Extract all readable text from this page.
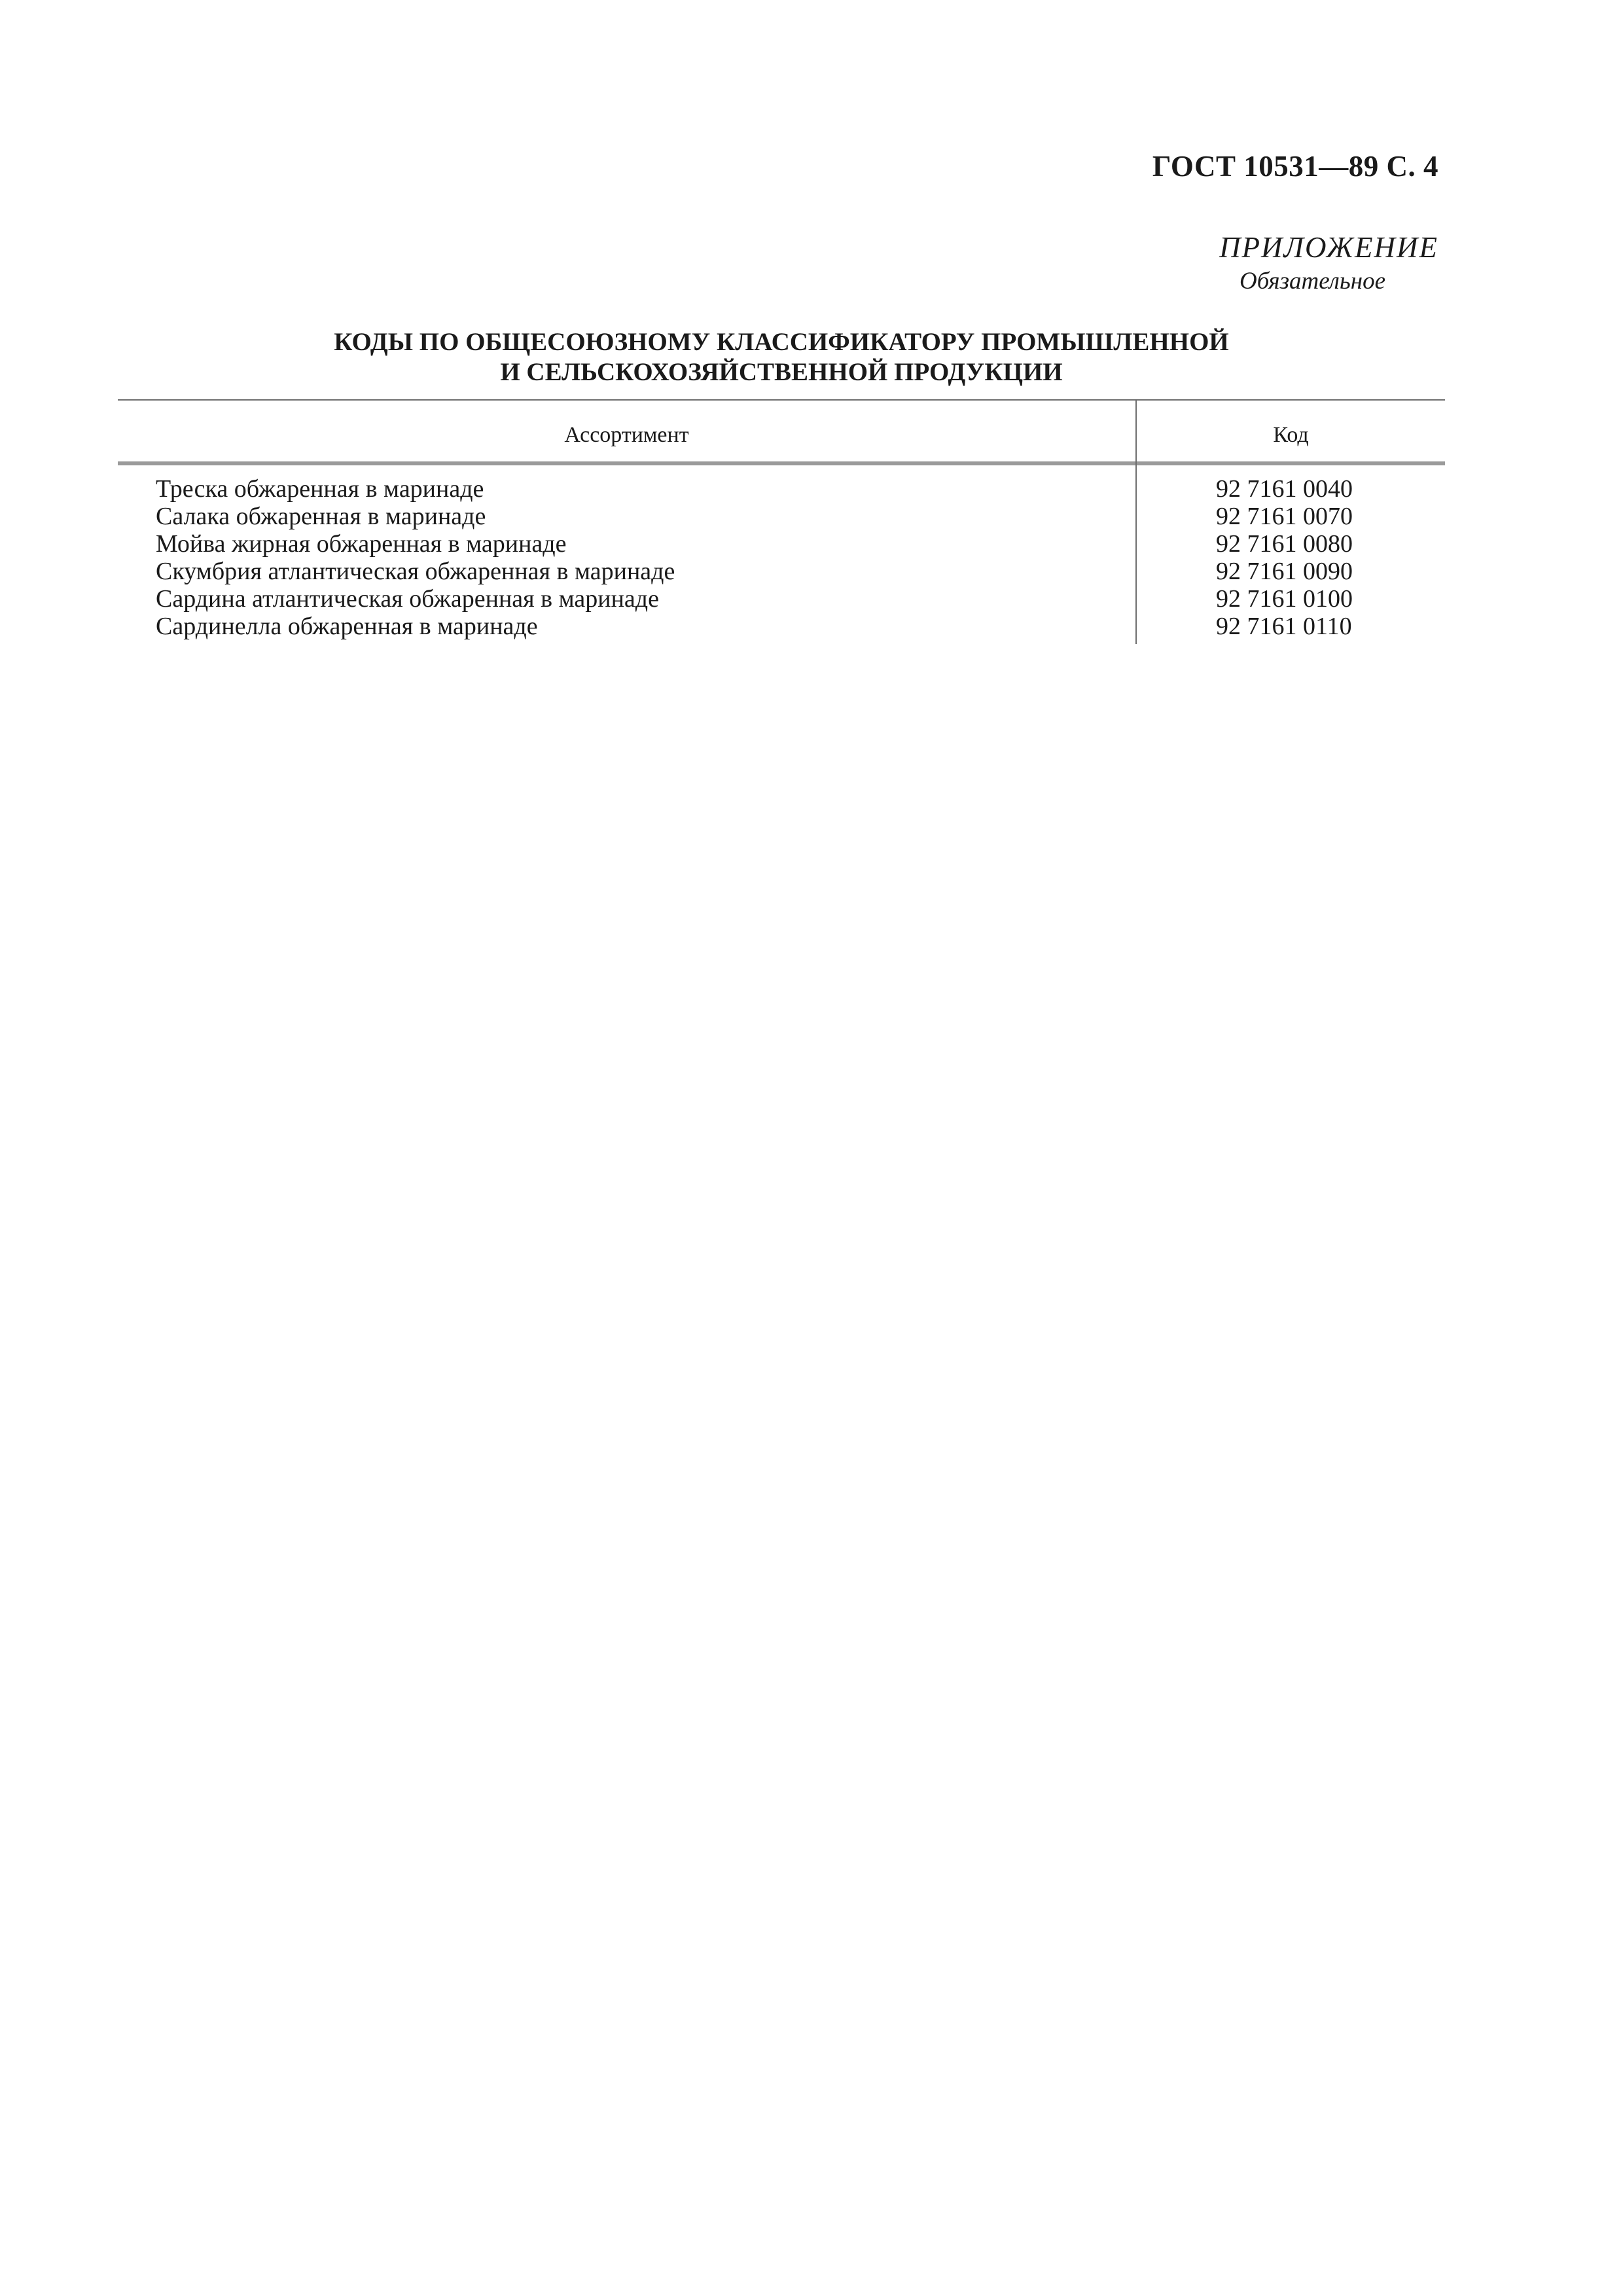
ГОСТ 10531—89 С. 4
ПРИЛОЖЕНИЕ
Обязательное
КОДЫ ПО ОБЩЕСОЮЗНОМУ КЛАССИФИКАТОРУ ПРОМЫШЛЕННОЙ
И СЕЛЬСКОХОЗЯЙСТВЕННОЙ ПРОДУКЦИИ
Ассортимент	Код
Треска обжаренная в маринаде	92 7161 0040
Салака обжаренная в маринаде	92 7161 0070
Мойва жирная обжаренная в маринаде	92 7161 0080
Скумбрия атлантическая обжаренная в маринаде	92 7161 0090
Сардина атлантическая обжаренная в маринаде	92 7161 0100
Сардинелла обжаренная в маринаде	92 7161 0110
